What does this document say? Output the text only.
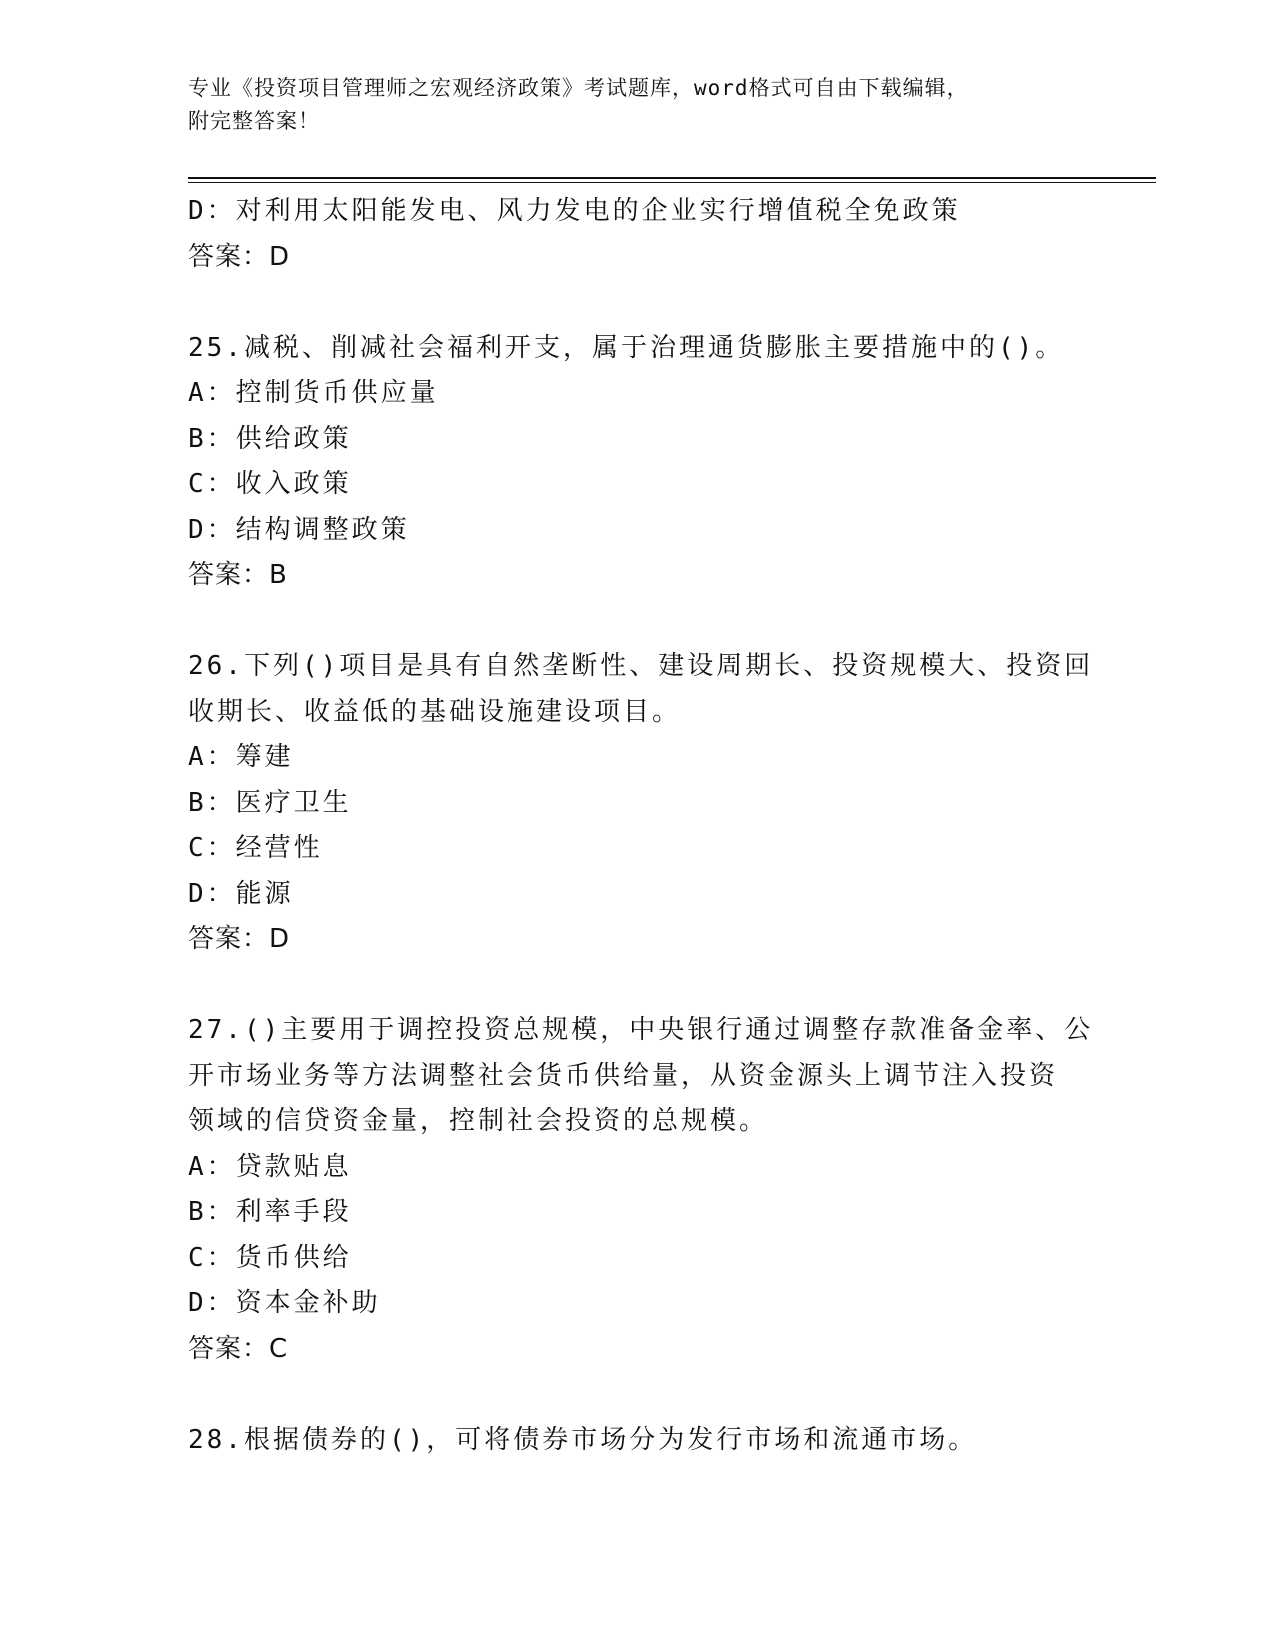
专业《投资项目管理师之宏观经济政策》考试题库，word格式可自由下载编辑，
附完整答案！
D：对利用太阳能发电、风力发电的企业实行增值税全免政策
答案：D
25.减税、削减社会福利开支，属于治理通货膨胀主要措施中的()。
A：控制货币供应量
B：供给政策
C：收入政策
D：结构调整政策
答案：B
26.下列()项目是具有自然垄断性、建设周期长、投资规模大、投资回
收期长、收益低的基础设施建设项目。
A：筹建
B：医疗卫生
C：经营性
D：能源
答案：D
27.()主要用于调控投资总规模，中央银行通过调整存款准备金率、公
开市场业务等方法调整社会货币供给量，从资金源头上调节注入投资
领域的信贷资金量，控制社会投资的总规模。
A：贷款贴息
B：利率手段
C：货币供给
D：资本金补助
答案：C
28.根据债券的()，可将债券市场分为发行市场和流通市场。
